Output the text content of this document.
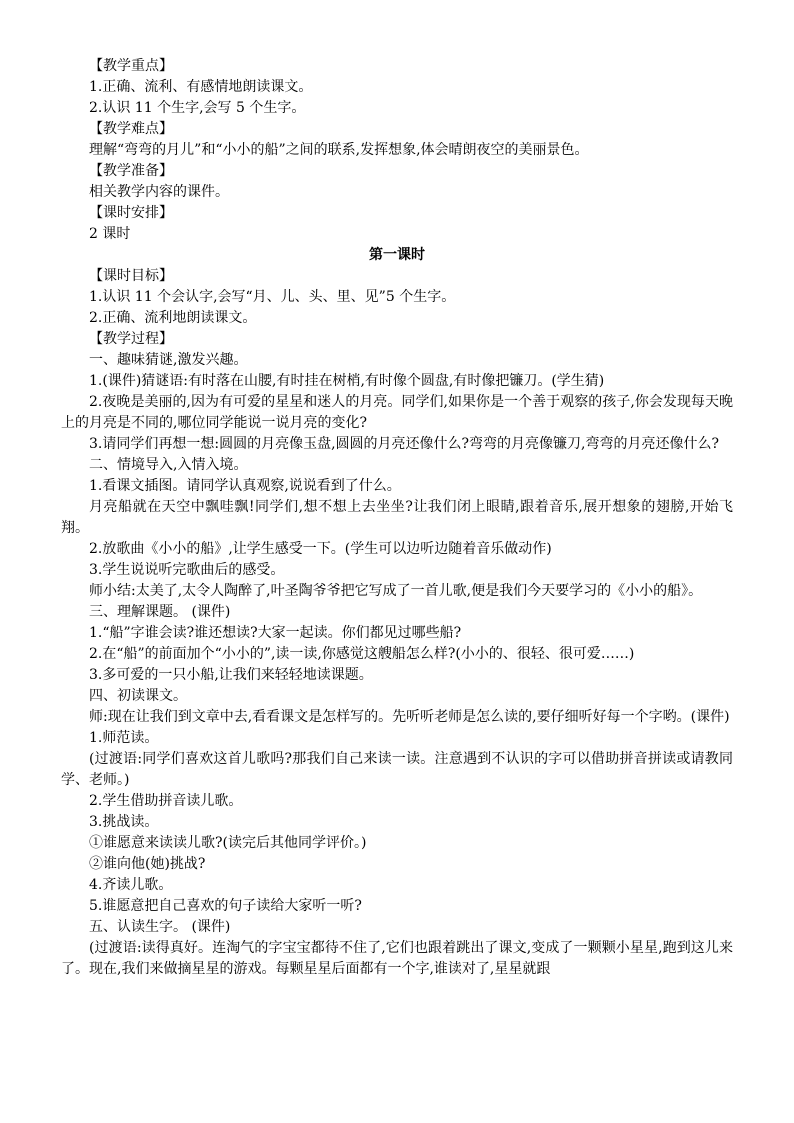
【教学重点】

1.正确、流利、有感情地朗读课文。

2.认识 11 个生字,会写 5 个生字。

【教学难点】

理解“弯弯的月儿”和“小小的船”之间的联系,发挥想象,体会晴朗夜空的美丽景色。

【教学准备】

相关教学内容的课件。

【课时安排】

2 课时

第一课时

【课时目标】

1.认识 11 个会认字,会写“月、儿、头、里、见”5 个生字。

2.正确、流利地朗读课文。

【教学过程】

一、趣味猜谜,激发兴趣。

1.(课件)猜谜语:有时落在山腰,有时挂在树梢,有时像个圆盘,有时像把镰刀。(学生猜)

2.夜晚是美丽的,因为有可爱的星星和迷人的月亮。同学们,如果你是一个善于观察的孩子,你会发现每天晚上的月亮是不同的,哪位同学能说一说月亮的变化?

3.请同学们再想一想:圆圆的月亮像玉盘,圆圆的月亮还像什么?弯弯的月亮像镰刀,弯弯的月亮还像什么?

二、情境导入,入情入境。

1.看课文插图。请同学认真观察,说说看到了什么。

月亮船就在天空中飘哇飘!同学们,想不想上去坐坐?让我们闭上眼睛,跟着音乐,展开想象的翅膀,开始飞翔。

2.放歌曲《小小的船》,让学生感受一下。(学生可以边听边随着音乐做动作)

3.学生说说听完歌曲后的感受。

师小结:太美了,太令人陶醉了,叶圣陶爷爷把它写成了一首儿歌,便是我们今天要学习的《小小的船》。

三、理解课题。 (课件)

1.“船”字谁会读?谁还想读?大家一起读。你们都见过哪些船?

2.在“船”的前面加个“小小的”,读一读,你感觉这艘船怎么样?(小小的、很轻、很可爱……)

3.多可爱的一只小船,让我们来轻轻地读课题。

四、初读课文。

师:现在让我们到文章中去,看看课文是怎样写的。先听听老师是怎么读的,要仔细听好每一个字哟。(课件)

1.师范读。

(过渡语:同学们喜欢这首儿歌吗?那我们自己来读一读。注意遇到不认识的字可以借助拼音拼读或请教同学、老师。)

2.学生借助拼音读儿歌。

3.挑战读。

①谁愿意来读读儿歌?(读完后其他同学评价。)

②谁向他(她)挑战?

4.齐读儿歌。

5.谁愿意把自己喜欢的句子读给大家听一听?

五、认读生字。 (课件)

(过渡语:读得真好。连淘气的字宝宝都待不住了,它们也跟着跳出了课文,变成了一颗颗小星星,跑到这儿来了。现在,我们来做摘星星的游戏。每颗星星后面都有一个字,谁读对了,星星就跟
